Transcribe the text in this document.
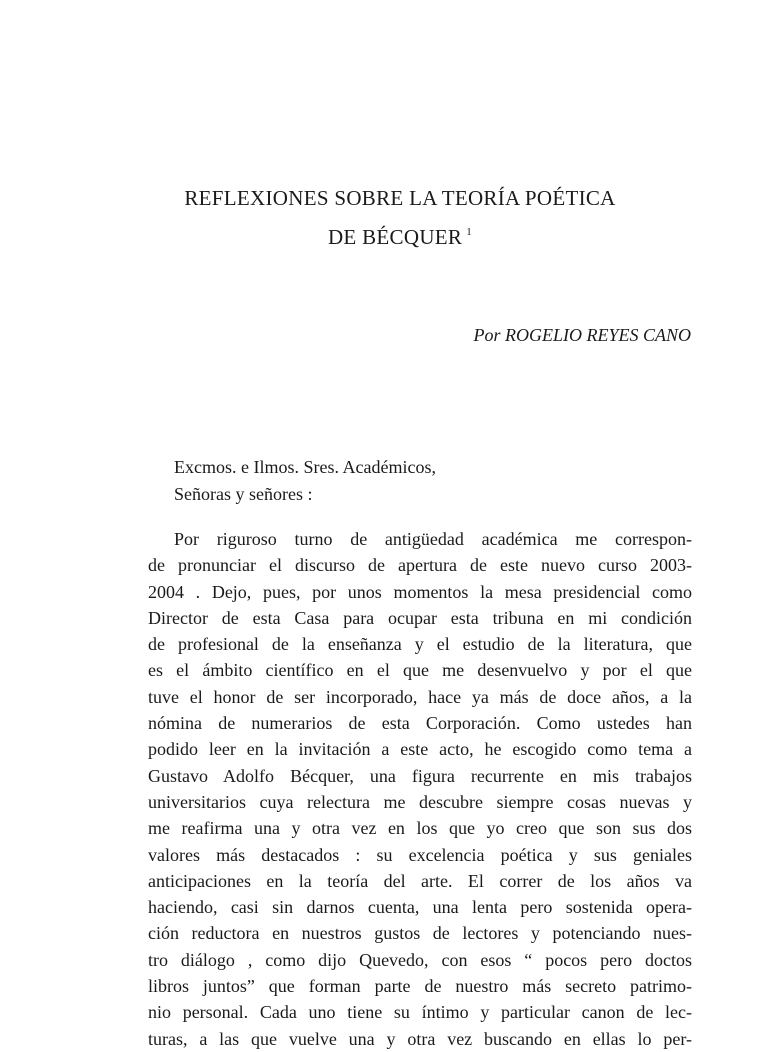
REFLEXIONES SOBRE LA TEORÍA POÉTICA
DE BÉCQUER $^1$
Por ROGELIO REYES CANO
Excmos. e Ilmos. Sres. Académicos,
Señoras y señores :
Por riguroso turno de antigüedad académica me correspon-
de pronunciar el discurso de apertura de este nuevo curso 2003-
2004 . Dejo, pues, por unos momentos la mesa presidencial como
Director de esta Casa para ocupar esta tribuna en mi condición
de profesional de la enseñanza y el estudio de la literatura, que
es el ámbito científico en el que me desenvuelvo y por el que
tuve el honor de ser incorporado, hace ya más de doce años, a la
nómina de numerarios de esta Corporación. Como ustedes han
podido leer en la invitación a este acto, he escogido como tema a
Gustavo Adolfo Bécquer, una figura recurrente en mis trabajos
universitarios cuya relectura me descubre siempre cosas nuevas y
me reafirma una y otra vez en los que yo creo que son sus dos
valores más destacados : su excelencia poética y sus geniales
anticipaciones en la teoría del arte. El correr de los años va
haciendo, casi sin darnos cuenta, una lenta pero sostenida opera-
ción reductora en nuestros gustos de lectores y potenciando nues-
tro diálogo , como dijo Quevedo, con esos “ pocos pero doctos
libros juntos” que forman parte de nuestro más secreto patrimo-
nio personal. Cada uno tiene su íntimo y particular canon de lec-
turas, a las que vuelve una y otra vez buscando en ellas lo per-
